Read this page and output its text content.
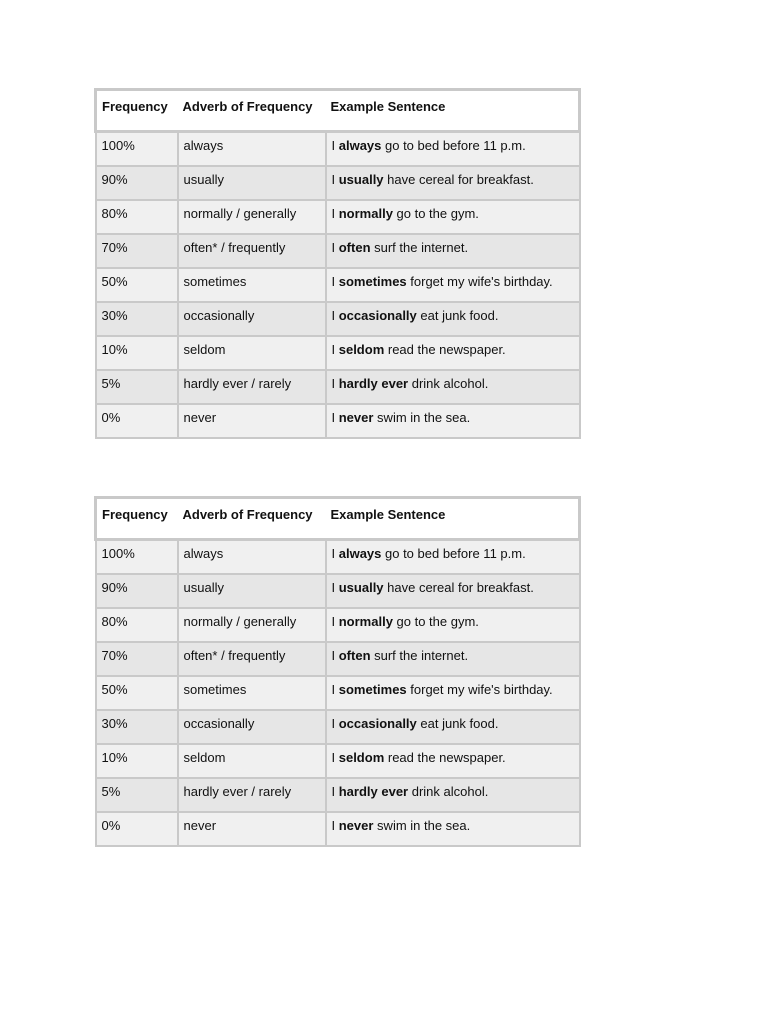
Frequency	Adverb of Frequency	Example Sentence
100%	always	I always go to bed before 11 p.m.
90%	usually	I usually have cereal for breakfast.
80%	normally / generally	I normally go to the gym.
70%	often* / frequently	I often surf the internet.
50%	sometimes	I sometimes forget my wife's birthday.
30%	occasionally	I occasionally eat junk food.
10%	seldom	I seldom read the newspaper.
5%	hardly ever / rarely	I hardly ever drink alcohol.
0%	never	I never swim in the sea.
Frequency	Adverb of Frequency	Example Sentence
100%	always	I always go to bed before 11 p.m.
90%	usually	I usually have cereal for breakfast.
80%	normally / generally	I normally go to the gym.
70%	often* / frequently	I often surf the internet.
50%	sometimes	I sometimes forget my wife's birthday.
30%	occasionally	I occasionally eat junk food.
10%	seldom	I seldom read the newspaper.
5%	hardly ever / rarely	I hardly ever drink alcohol.
0%	never	I never swim in the sea.
